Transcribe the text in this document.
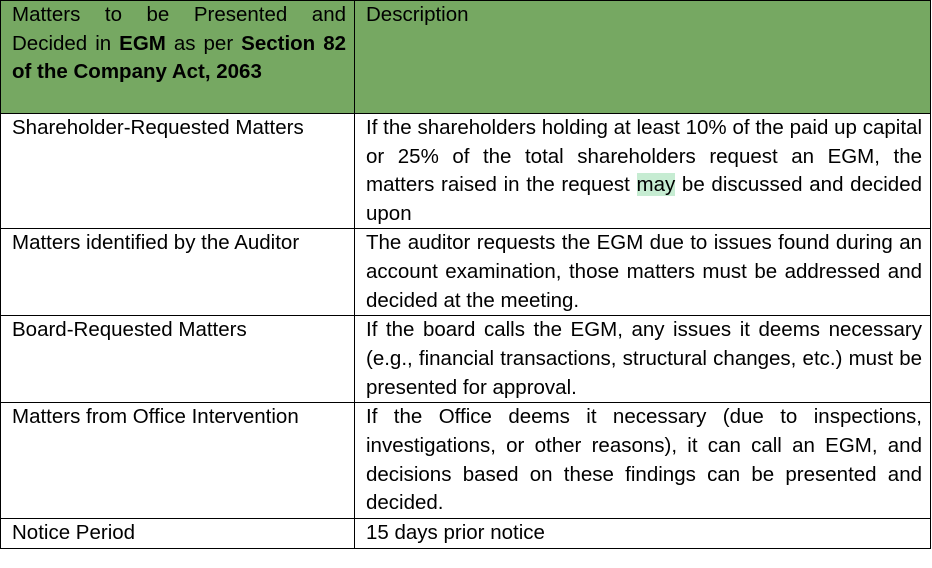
Matters to be Presented and Decided in EGM as per Section 82 of the Company Act, 2063	Description
Shareholder-Requested Matters	If the shareholders holding at least 10% of the paid up capital or 25% of the total shareholders request an EGM, the matters raised in the request may be discussed and decided upon
Matters identified by the Auditor	The auditor requests the EGM due to issues found during an account examination, those matters must be addressed and decided at the meeting.
Board-Requested Matters	If the board calls the EGM, any issues it deems necessary (e.g., financial transactions, structural changes, etc.) must be presented for approval.
Matters from Office Intervention	If the Office deems it necessary (due to inspections, investigations, or other reasons), it can call an EGM, and decisions based on these findings can be presented and decided.
Notice Period	15 days prior notice
